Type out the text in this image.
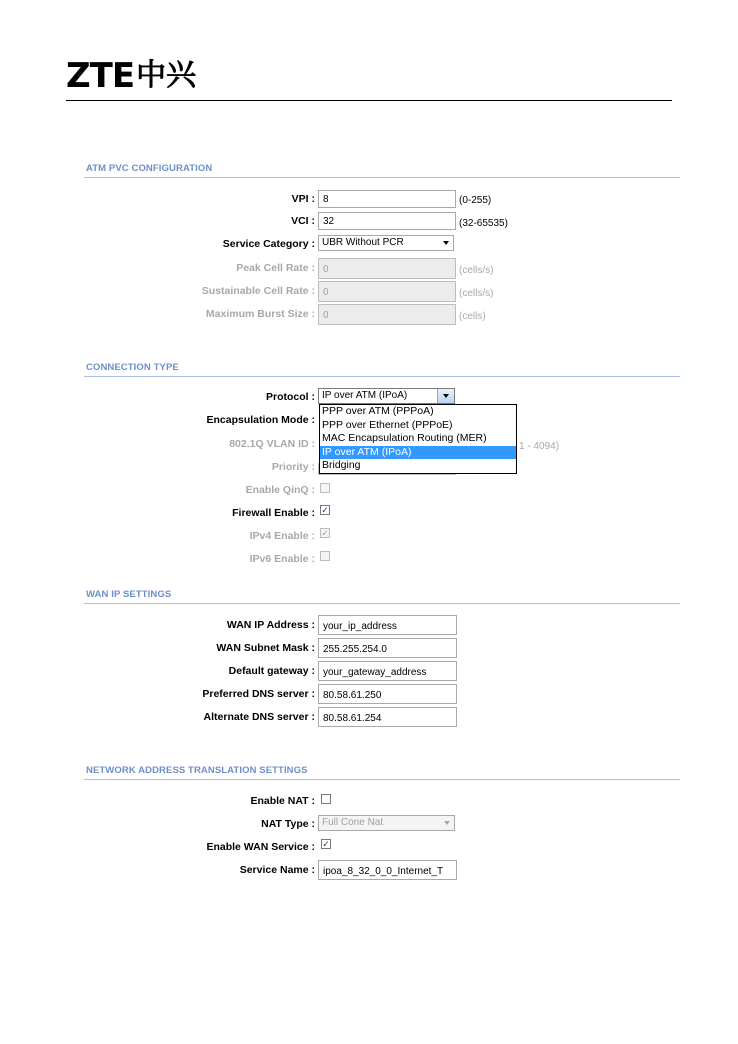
ZTE 中兴
ATM PVC CONFIGURATION
VPI : 8	(0-255)
VCI : 32	(32-65535)
Service Category : UBR Without PCR
Peak Cell Rate : 0	(cells/s)
Sustainable Cell Rate : 0	(cells/s)
Maximum Burst Size : 0	(cells)
CONNECTION TYPE
Protocol : IP over ATM (IPoA)
Encapsulation Mode :
802.1Q VLAN ID :	1 - 4094)
Priority :
Enable QinQ :
Firewall Enable : ✓
IPv4 Enable : ✓
IPv6 Enable :
PPP over ATM (PPPoA)
PPP over Ethernet (PPPoE)
MAC Encapsulation Routing (MER)
IP over ATM (IPoA)
Bridging
WAN IP SETTINGS
WAN IP Address : your_ip_address
WAN Subnet Mask : 255.255.254.0
Default gateway : your_gateway_address
Preferred DNS server : 80.58.61.250
Alternate DNS server : 80.58.61.254
NETWORK ADDRESS TRANSLATION SETTINGS
Enable NAT :
NAT Type : Full Cone Nat
Enable WAN Service : ✓
Service Name : ipoa_8_32_0_0_Internet_T
